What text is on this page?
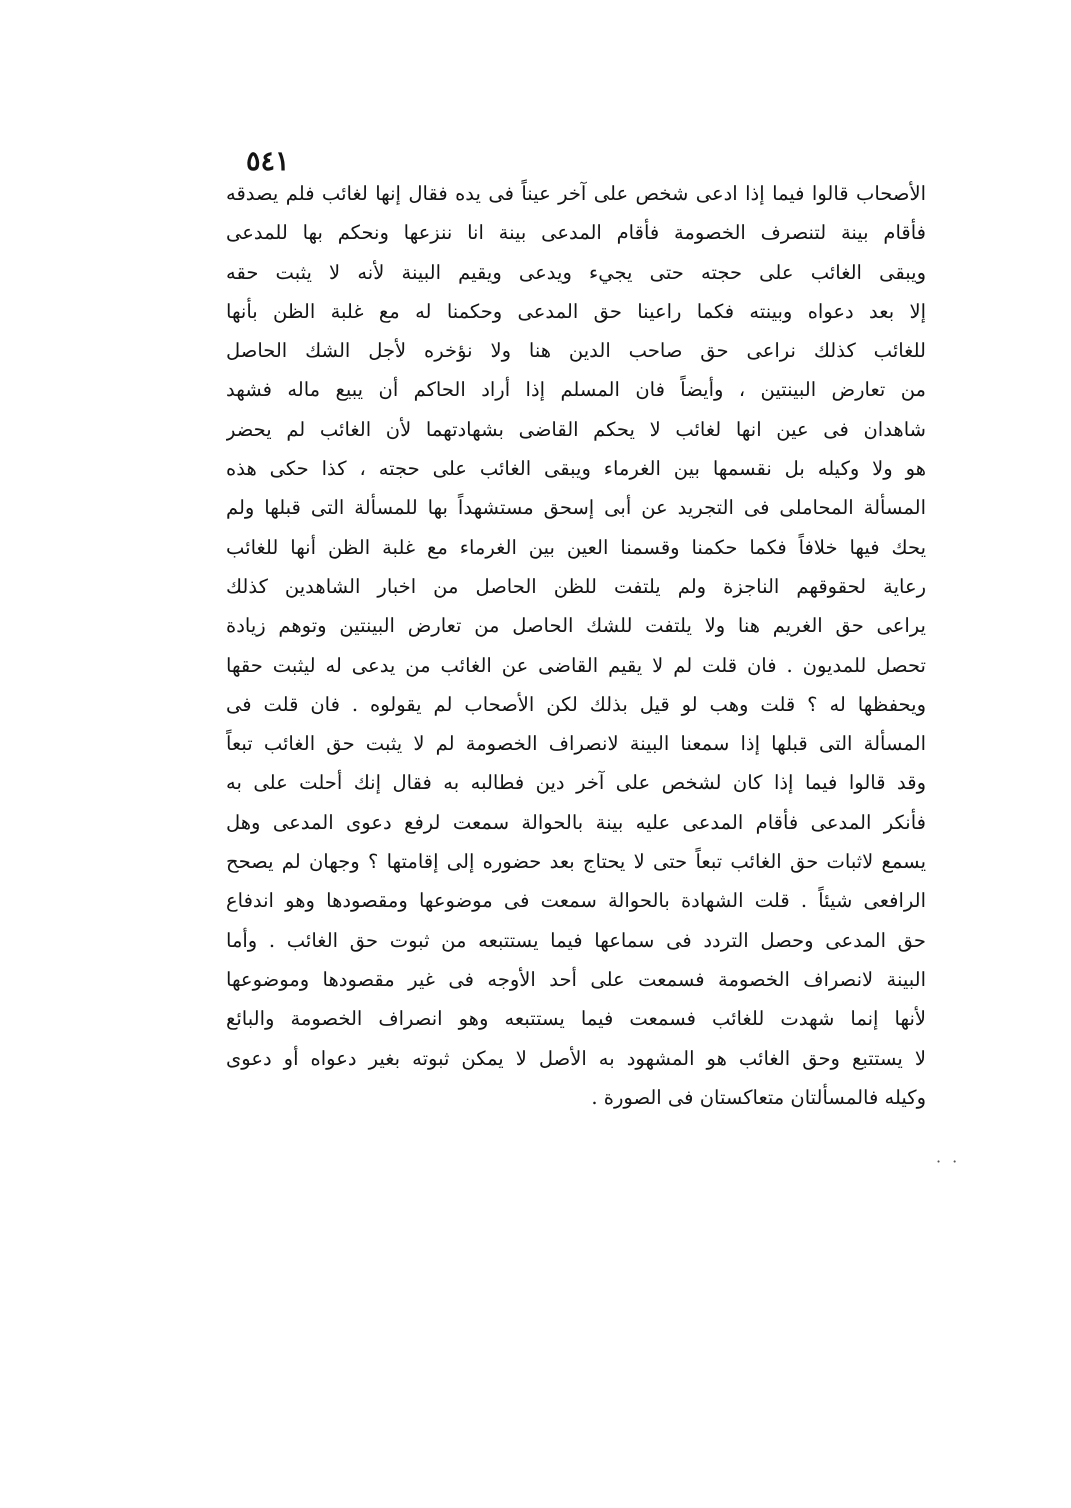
٥٤١
· ·
الأصحاب قالوا فيما إذا ادعى شخص على آخر عيناً فى يده فقال إنها لغائب فلم يصدقه
فأقام بينة لتنصرف الخصومة فأقام المدعى بينة انا ننزعها ونحكم بها للمدعى
ويبقى الغائب على حجته حتى يجيء ويدعى ويقيم البينة لأنه لا يثبت حقه
إلا بعد دعواه وبينته فكما راعينا حق المدعى وحكمنا له مع غلبة الظن بأنها
للغائب كذلك نراعى حق صاحب الدين هنا ولا نؤخره لأجل الشك الحاصل
من تعارض البينتين ، وأيضاً فان المسلم إذا أراد الحاكم أن يبيع ماله فشهد
شاهدان فى عين انها لغائب لا يحكم القاضى بشهادتهما لأن الغائب لم يحضر
هو ولا وكيله بل نقسمها بين الغرماء ويبقى الغائب على حجته ، كذا حكى هذه
المسألة المحاملى فى التجريد عن أبى إسحق مستشهداً بها للمسألة التى قبلها ولم
يحك فيها خلافاً فكما حكمنا وقسمنا العين بين الغرماء مع غلبة الظن أنها للغائب
رعاية لحقوقهم الناجزة ولم يلتفت للظن الحاصل من اخبار الشاهدين كذلك
يراعى حق الغريم هنا ولا يلتفت للشك الحاصل من تعارض البينتين وتوهم زيادة
تحصل للمديون . فان قلت لم لا يقيم القاضى عن الغائب من يدعى له ليثبت حقها
ويحفظها له ؟ قلت وهب لو قيل بذلك لكن الأصحاب لم يقولوه . فان قلت فى
المسألة التى قبلها إذا سمعنا البينة لانصراف الخصومة لم لا يثبت حق الغائب تبعاً
وقد قالوا فيما إذا كان لشخص على آخر دين فطالبه به فقال إنك أحلت على به
فأنكر المدعى فأقام المدعى عليه بينة بالحوالة سمعت لرفع دعوى المدعى وهل
يسمع لاثبات حق الغائب تبعاً حتى لا يحتاج بعد حضوره إلى إقامتها ؟ وجهان لم يصحح
الرافعى شيئاً . قلت الشهادة بالحوالة سمعت فى موضوعها ومقصودها وهو اندفاع
حق المدعى وحصل التردد فى سماعها فيما يستتبعه من ثبوت حق الغائب . وأما
البينة لانصراف الخصومة فسمعت على أحد الأوجه فى غير مقصودها وموضوعها
لأنها إنما شهدت للغائب فسمعت فيما يستتبعه وهو انصراف الخصومة والبائع
لا يستتبع وحق الغائب هو المشهود به الأصل لا يمكن ثبوته بغير دعواه أو دعوى
وكيله فالمسألتان متعاكستان فى الصورة .
